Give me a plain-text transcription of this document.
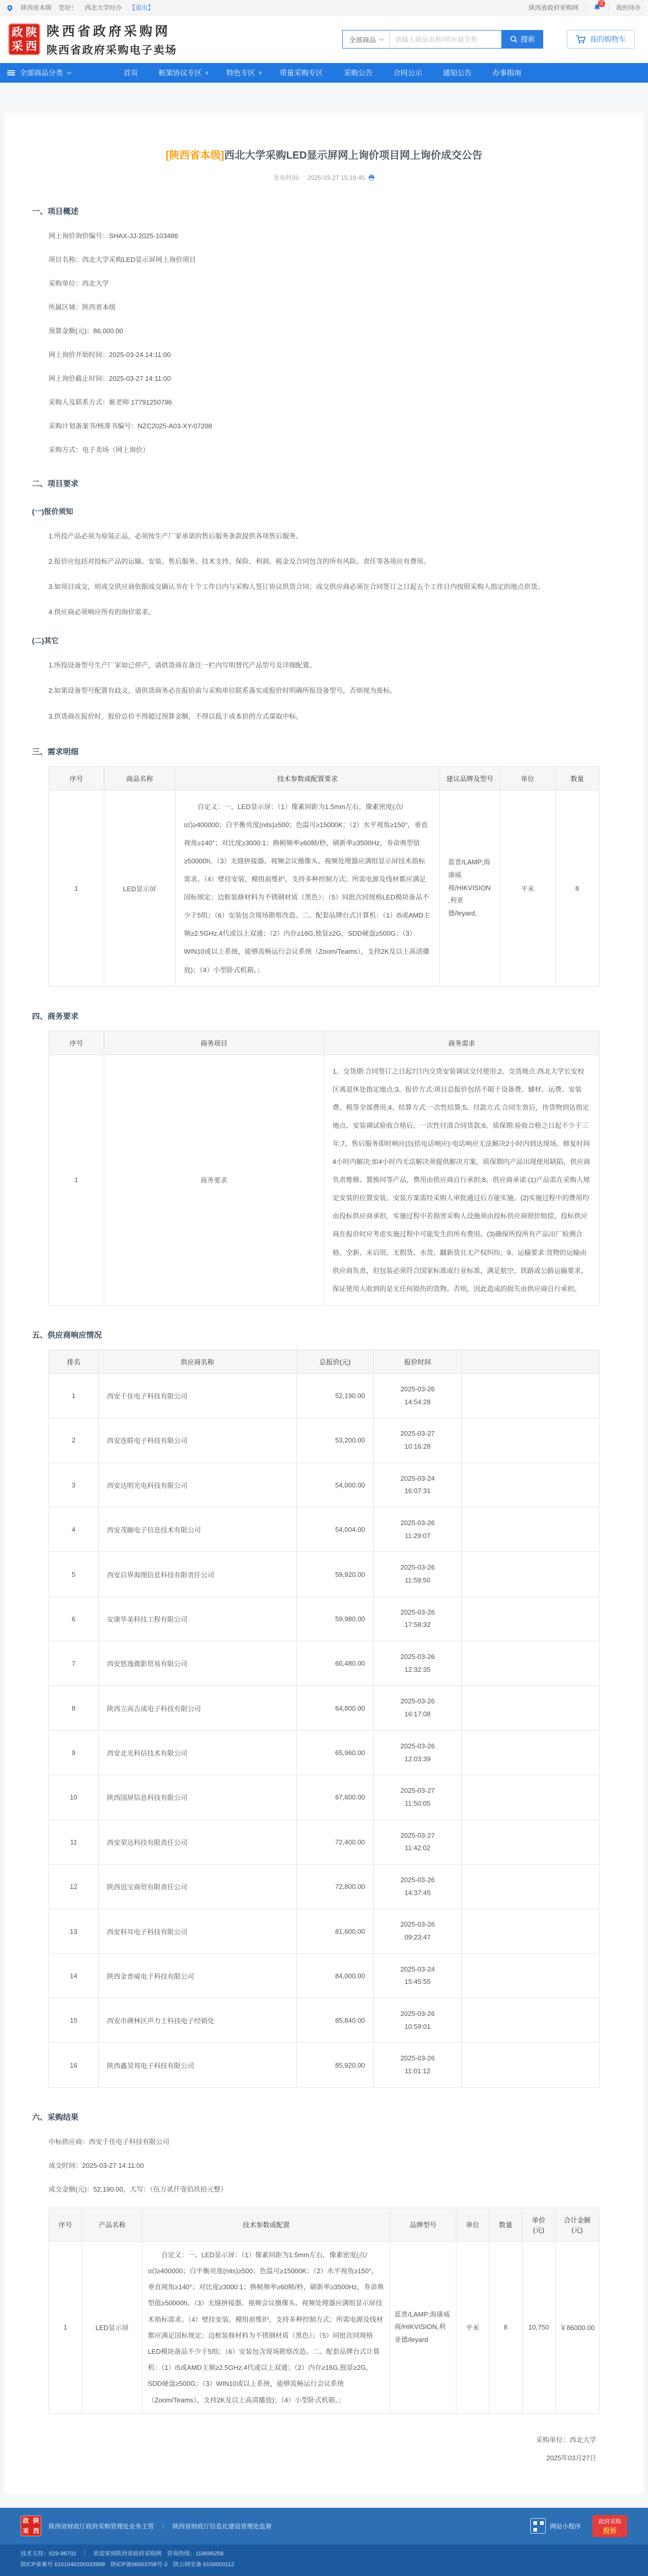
陕西省本级 您好！ 西北大学经办 【退出】	陕西省政府采购网
2
我的待办
政 陕
采 西
陕西省政府采购网
陕西省政府采购电子卖场
全部商品
请输入商品名称/供应商全称	搜索	我的购物车
全部商品分类	首页	框架协议专区 ∨ 特色专区 ∨ 带量采购专区	采购公告	合同公示	通知公告	办事指南
[陕西省本级]西北大学采购LED显示屏网上询价项目网上询价成交公告
发布时间： 2025-03-27 15:18:45
一、项目概述

网上询价询价编号：SHAX-JJ-2025-103486

项目名称：西北大学采购LED显示屏网上询价项目

采购单位：西北大学

所属区域：陕西省本级

预算金额(元)：86,000.00

网上询价开始时间：2025-03-24 14:11:00

网上询价截止时间：2025-03-27 14:11:00

采购人及联系方式：姬老师 17791250796

采购计划备案书/核准书编号：NZC2025-A03-XY-07208

采购方式：电子卖场（网上询价）

二、项目要求
(一)报价须知

1.所投产品必须为原装正品，必须按生产厂家承诺的售后服务条款提供各项售后服务。

2.报价应包括对投标产品的运输、安装、售后服务、技术支持、保险、利润、税金及合同包含的所有风险、责任等各项应有费用。

3.如项目成交，则成交供应商依据成交确认书在十个工作日内与采购人签订协议供货合同；成交供应商必须在合同签订之日起五个工作日内按照采购人指定的地点供货。

4.供应商必须响应所有的询价需求。

(二)其它

1.所投设备型号生产厂家如已停产，请供货商在备注一栏内写明替代产品型号及详细配置。

2.如果设备型号配置有歧义，请供货商务必在报价前与采购单位联系落实或报价时明确所报设备型号，否则视为废标。

3.供货商在报价时，报价总价不得超过预算金额，不得以低于成本价的方式谋取中标。

三、需求明细
序号	商品名称	技术参数或配置要求	建议品牌及型号	单位	数量
1	LED显示屏	自定义：一、LED显示屏：（1）像素间距为1.5mm左右，像素密度(点/㎡)≥400000；白平衡亮度(nits)≥500；色温可≥15000K；（2）水平视角≥150°，垂直视角≥140°；对比度≥3000:1；换帧频率≥60帧/秒，刷新率≥3500Hz，寿命典型值≥50000h。（3）无缝拼接器、视频会议摄像头、视频处理器应满组显示屏技术指标需求。（4）壁挂安装，模组前维护，支持多种控制方式；所需电源及线材都应满足国标规定；边框装修材料为不锈钢材质（黑色）；（5）同批次同规格LED模块备品不少于5组；（6）安装包含现场勘察改造。二、配套品牌台式计算机：（1）i5或AMD主频≥2.5GHz,4代或以上双通；（2）内存≥16G,独显≥2G，SDD硬盘≥500G；（3）WIN10或以上系统，能够流畅运行会议系统（Zoom/Teams），支持2K及以上高清播放)；（4）小型卧式机箱。；	蓝普/LAMP;海康威视/HIKVISION,利亚德/leyard,	平米	8
四、商务要求
序号	商务项目	商务需求
1	商务要求	1、交货期:合同签订之日起7日内交货安装调试交付使用;2、交货地点:西北大学长安校区离退休处指定地点;3、报价方式:项目总报价包括不限于设备费、辅材、运费、安装费、税等全部费用;4、结算方式:一次性结算;5、付款方式:合同生效后，待货物到达指定地点、安装调试验收合格后，一次性付清合同货款;6、质保期:验收合格之日起不少于三年;7、售后服务即时响应(包括电话响应):电话响应无法解决2小时内到达现场。修复时间4小时内解决;如4小时内无法解决须提供解决方案，质保期内产品出现使用缺陷，供应商负责维修、置换同等产品，费用由供应商自行承担;8、供应商承诺:(1)产品需在采购人规定安装的位置安装，安装方案需经采购人审批通过后方能实施。(2)实施过程中的费用均由投标供应商承担，实施过程中若损害采购人设施须由投标供应商照价赔偿，投标供应商在报价时应考虑实施过程中可能发生的所有费用。(3)确保所投所有产品出厂检测合格、全新、未启用，无假货、水货、翻新货且无产权纠纷。9、运输要求:货物的运输由供应商负责，但包装必须符合国家标准或行业标准，满足航空、铁路或公路运输要求，保证使用人收到的是无任何损伤的货物。否则，因此造成的损失由供应商自行承担。
五、供应商响应情况
排名	供应商名称	总报价(元)	报价时间	
1	西安千佳电子科技有限公司	52,190.00	2025-03-26
14:54:28	

2	西安连联电子科技有限公司	53,200.00	2025-03-27
10:16:28	

3	西安达明光电科技有限公司	54,000.00	2025-03-24
16:07:31	

4	西安茂颐电子信息技术有限公司	54,004.00	2025-03-26
11:29:07	

5	西安启界海图信息科技有限责任公司	59,920.00	2025-03-26
11:59:50	

6	安康华美科技工程有限公司	59,980.00	2025-03-26
17:58:32	

7	西安悠逸微影贸易有限公司	60,480.00	2025-03-26
12:32:35	

8	陕西立高吉成电子科技有限公司	64,800.00	2025-03-26
16:17:08	

9	西安北光科信技术有限公司	65,960.00	2025-03-26
12:03:39	

10	陕西国屏信息科技有限公司	67,600.00	2025-03-27
11:50:05	

11	西安荣达科技有限责任公司	72,400.00	2025-03-27
11:42:02	

12	陕西迅宝商贸有限责任公司	72,800.00	2025-03-26
14:37:45	

13	西安科耳电子科技有限公司	81,600.00	2025-03-26
09:23:47	

14	陕西金普威电子科技有限公司	84,000.00	2025-03-24
15:45:55	

15	西安市碑林区声力士科技电子经销处	85,840.00	2025-03-26
10:59:01	

16	陕西鑫昊邦电子科技有限公司	85,920.00	2025-03-26
11:01:12	

六、采购结果

中标供应商：西安千佳电子科技有限公司

成交时间：2025-03-27 14:11:00

成交金额(元)：52,190.00，大写：（伍万贰仟壹佰玖拾元整）

序号	产品名称	技术参数或配置	品牌型号	单位	数量	单价(元)	合计金额(元)
1	LED显示屏	自定义：一、LED显示屏：（1）像素间距为1.5mm左右，像素密度(点/㎡)≥400000；白平衡亮度(nits)≥500；色温可≥15000K；（2）水平视角≥150°，垂直视角≥140°；对比度≥3000:1；换帧频率≥60帧/秒，刷新率≥3500Hz，寿命典型值≥50000h。（3）无缝拼接器、视频会议摄像头、视频处理器应满组显示屏技术指标需求。（4）壁挂安装，模组前维护，支持多种控制方式；所需电源及线材都应满足国标规定；边框装修材料为不锈钢材质（黑色）；（5）同批次同规格LED模块备品不少于5组；（6）安装包含现场勘察改造。二、配套品牌台式计算机：（1）i5或AMD主频≥2.5GHz,4代或以上双通；（2）内存≥16G,独显≥2G，SDD硬盘≥500G；（3）WIN10或以上系统，能够流畅运行会议系统（Zoom/Teams），支持2K及以上高清播放)；（4）小型卧式机箱。；	蓝普/LAMP;海康威视/HIKVISION,利亚德/leyard	平米	8	10,750	￥86000.00
采购单位：西北大学
2025年03月27日
政 陕
采 西
陕西省财政厅政府采购管理处业务主管　｜　陕西省财政厅信息化建设管理处监督	网站小程序
政府采购
投诉
技术支持：029-96702　｜　欢迎来到陕西省政府采购网　咨询热线：118696258
陕ICP备案号 6101040200033999　陕ICP备06003708号-2　陕公网安备 6100000112
